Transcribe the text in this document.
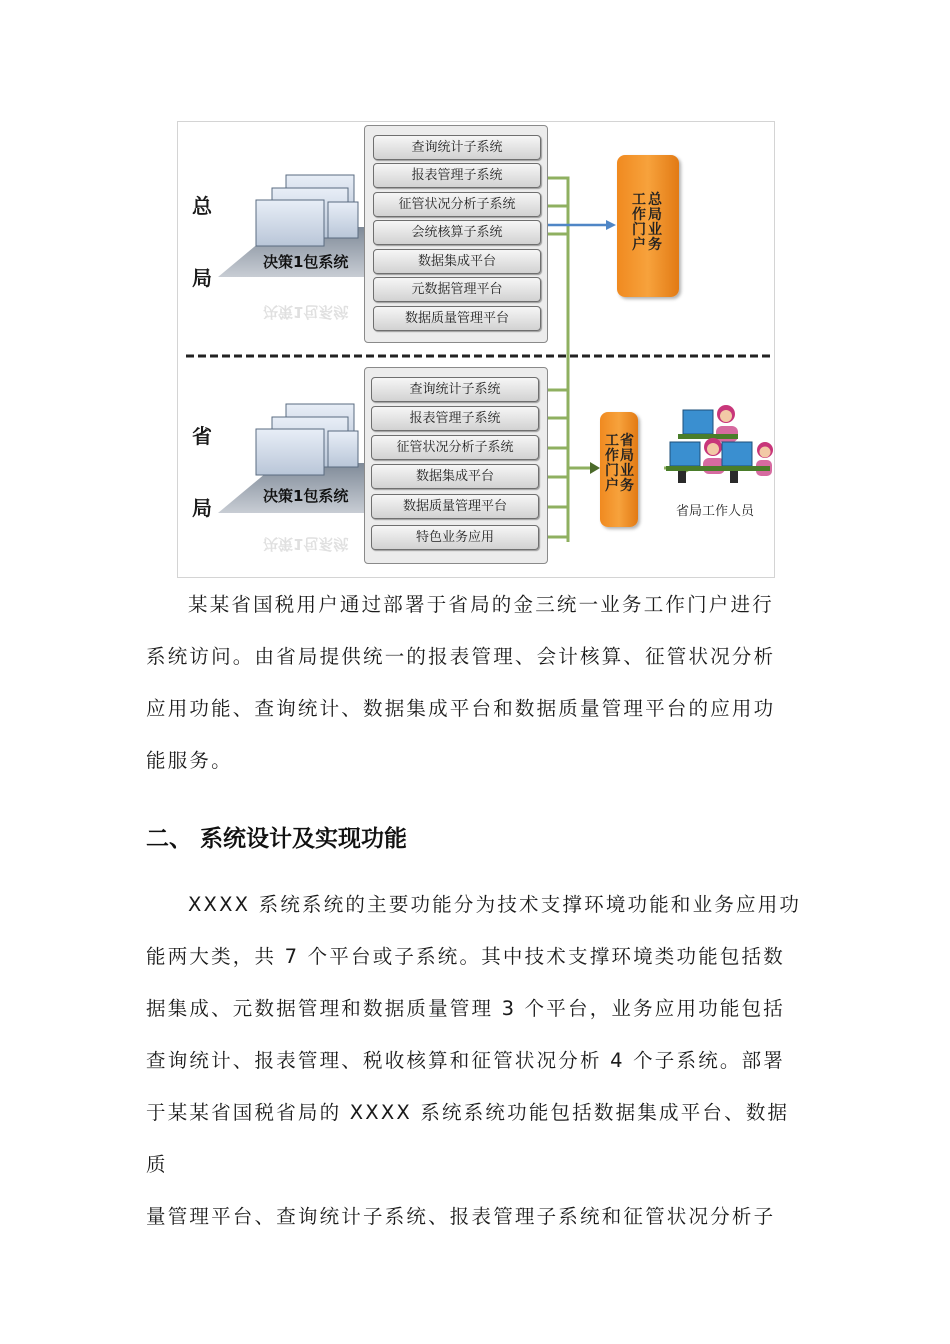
总
局
省
局
决策1包系统
决策1包系统
决策1包系统
决策1包系统
查询统计子系统
报表管理子系统
征管状况分析子系统
会统核算子系统
数据集成平台
元数据管理平台
数据质量管理平台
查询统计子系统
报表管理子系统
征管状况分析子系统
数据集成平台
数据质量管理平台
特色业务应用
总局业务
工作门户
省局业务
工作门户
省局工作人员

某某省国税用户通过部署于省局的金三统一业务工作门户进行

系统访问。由省局提供统一的报表管理、会计核算、征管状况分析

应用功能、查询统计、数据集成平台和数据质量管理平台的应用功

能服务。

二、 系统设计及实现功能

XXXX 系统系统的主要功能分为技术支撑环境功能和业务应用功

能两大类，共 7 个平台或子系统。其中技术支撑环境类功能包括数

据集成、元数据管理和数据质量管理 3 个平台，业务应用功能包括

查询统计、报表管理、税收核算和征管状况分析 4 个子系统。部署

于某某省国税省局的 XXXX 系统系统功能包括数据集成平台、数据质

量管理平台、查询统计子系统、报表管理子系统和征管状况分析子
